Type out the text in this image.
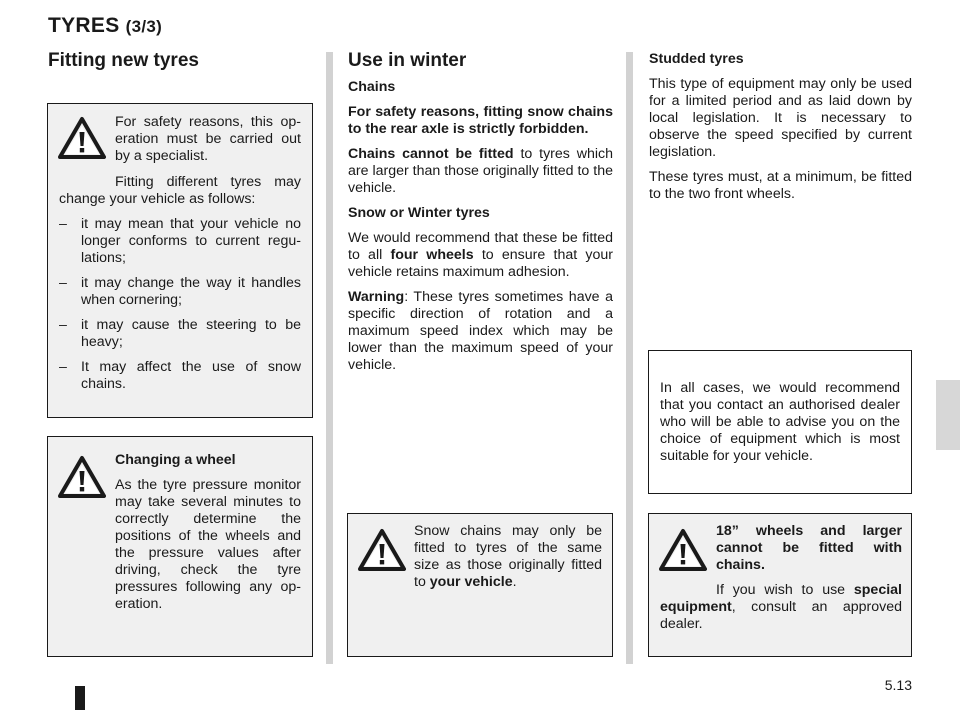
TYRES (3/3)
Fitting new tyres
For safety reasons, this operation must be carried out by a specialist.
Fitting different tyres may change your vehicle as follows:
– it may mean that your vehicle no longer conforms to current regulations;
– it may change the way it handles when cornering;
– it may cause the steering to be heavy;
– It may affect the use of snow chains.
Changing a wheel
As the tyre pressure monitor may take several minutes to correctly determine the positions of the wheels and the pressure values after driving, check the tyre pressures following any operation.
Use in winter

Chains

For safety reasons, fitting snow chains to the rear axle is strictly forbidden.

Chains cannot be fitted to tyres which are larger than those originally fitted to the vehicle.

Snow or Winter tyres

We would recommend that these be fitted to all four wheels to ensure that your vehicle retains maximum adhesion.

Warning: These tyres sometimes have a specific direction of rotation and a maximum speed index which may be lower than the maximum speed of your vehicle.

Snow chains may only be fitted to tyres of the same size as those originally fitted to your vehicle.

Studded tyres

This type of equipment may only be used for a limited period and as laid down by local legislation. It is necessary to observe the speed specified by current legislation.

These tyres must, at a minimum, be fitted to the two front wheels.

In all cases, we would recommend that you contact an authorised dealer who will be able to advise you on the choice of equipment which is most suitable for your vehicle.
18” wheels and larger cannot be fitted with chains.
If you wish to use special equipment, consult an approved dealer.
5.13
